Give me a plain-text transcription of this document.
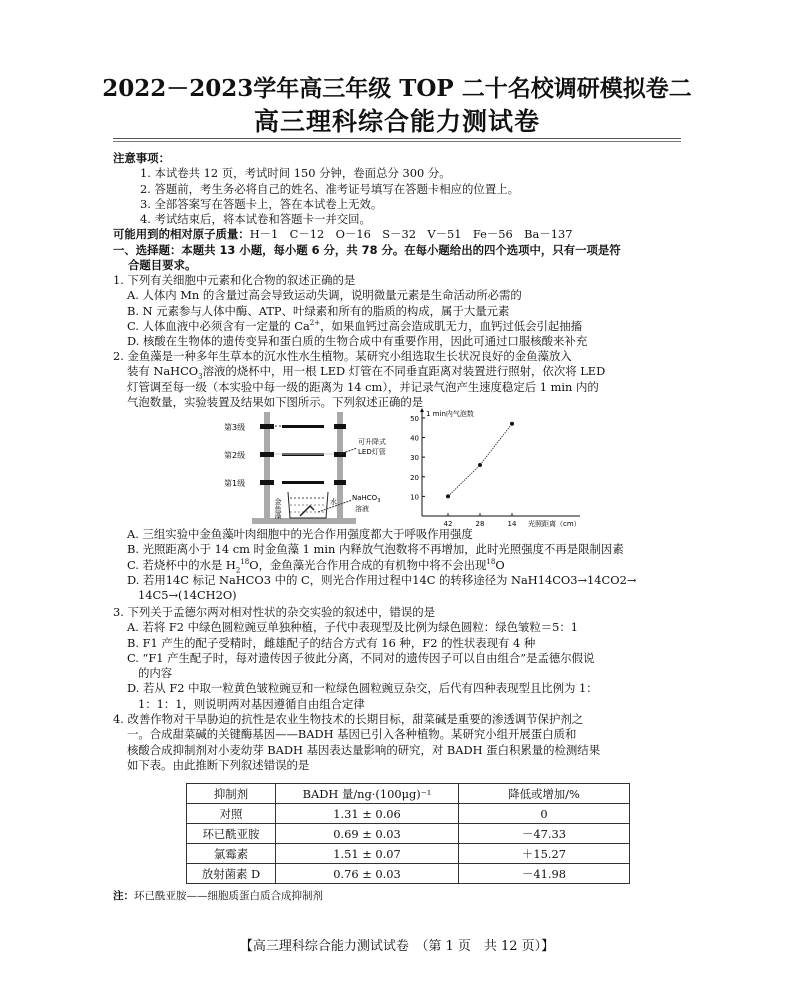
2022－2023学年高三年级 TOP 二十名校调研模拟卷二
高三理科综合能力测试卷
注意事项：
1. 本试卷共 12 页，考试时间 150 分钟，卷面总分 300 分。
2. 答题前，考生务必将自己的姓名、准考证号填写在答题卡相应的位置上。
3. 全部答案写在答题卡上，答在本试卷上无效。
4. 考试结束后，将本试卷和答题卡一并交回。
可能用到的相对原子质量：H－1　C－12　O－16　S－32　V－51　Fe－56　Ba－137
一、选择题：本题共 13 小题，每小题 6 分，共 78 分。在每小题给出的四个选项中，只有一项是符
合题目要求。
1. 下列有关细胞中元素和化合物的叙述正确的是
A. 人体内 Mn 的含量过高会导致运动失调，说明微量元素是生命活动所必需的
B. N 元素参与人体中酶、ATP、叶绿素和所有的脂质的构成，属于大量元素
C. 人体血液中必须含有一定量的 $Ca^{2+}$，如果血钙过高会造成肌无力，血钙过低会引起抽搐
D. 核酸在生物体的遗传变异和蛋白质的生物合成中有重要作用，因此可通过口服核酸来补充
2. 金鱼藻是一种多年生草本的沉水性水生植物。某研究小组选取生长状况良好的金鱼藻放入
装有 NaHCO$_3$溶液的烧杯中，用一根 LED 灯管在不同垂直距离对装置进行照射，依次将 LED
灯管调至每一级（本实验中每一级的距离为 14 cm），并记录气泡产生速度稳定后 1 min 内的
气泡数量，实验装置及结果如下图所示。下列叙述正确的是
第3级
第2级
第1级
可升降式
LED灯管
金鱼藻	水 NaHCO$_3$
溶液
1 min内气泡数
10
20
30
40
50
42	28	14 光照距离（cm）
A. 三组实验中金鱼藻叶肉细胞中的光合作用强度都大于呼吸作用强度
B. 光照距离小于 14 cm 时金鱼藻 1 min 内释放气泡数将不再增加，此时光照强度不再是限制因素
C. 若烧杯中的水是 $H_2^{18}O$，金鱼藻光合作用合成的有机物中将不会出现$^{18}$O
D. 若用14C 标记 NaHCO3 中的 C，则光合作用过程中14C 的转移途径为 NaH14CO3→14CO2→
14C5→(14CH2O)
3. 下列关于孟德尔两对相对性状的杂交实验的叙述中，错误的是
A. 若将 F2 中绿色圆粒豌豆单独种植，子代中表现型及比例为绿色圆粒：绿色皱粒＝5：1
B. F1 产生的配子受精时，雌雄配子的结合方式有 16 种，F2 的性状表现有 4 种
C. “F1 产生配子时，每对遗传因子彼此分离，不同对的遗传因子可以自由组合”是孟德尔假说
的内容
D. 若从 F2 中取一粒黄色皱粒豌豆和一粒绿色圆粒豌豆杂交，后代有四种表现型且比例为 1：
1：1：1，则说明两对基因遵循自由组合定律
4. 改善作物对干旱胁迫的抗性是农业生物技术的长期目标，甜菜碱是重要的渗透调节保护剂之
一。合成甜菜碱的关键酶基因——BADH 基因已引入各种植物。某研究小组开展蛋白质和
核酸合成抑制剂对小麦幼芽 BADH 基因表达量影响的研究，对 BADH 蛋白积累量的检测结果
如下表。由此推断下列叙述错误的是
抑制剂	BADH 量/ng·(100μg)⁻¹	降低或增加/%
对照	1.31 ± 0.06	0
环已酰亚胺	0.69 ± 0.03	－47.33
氯霉素	1.51 ± 0.07	＋15.27
放射菌素 D	0.76 ± 0.03	－41.98
注：环已酰亚胺——细胞质蛋白质合成抑制剂
【高三理科综合能力测试试卷　（第 1 页　共 12 页）】
